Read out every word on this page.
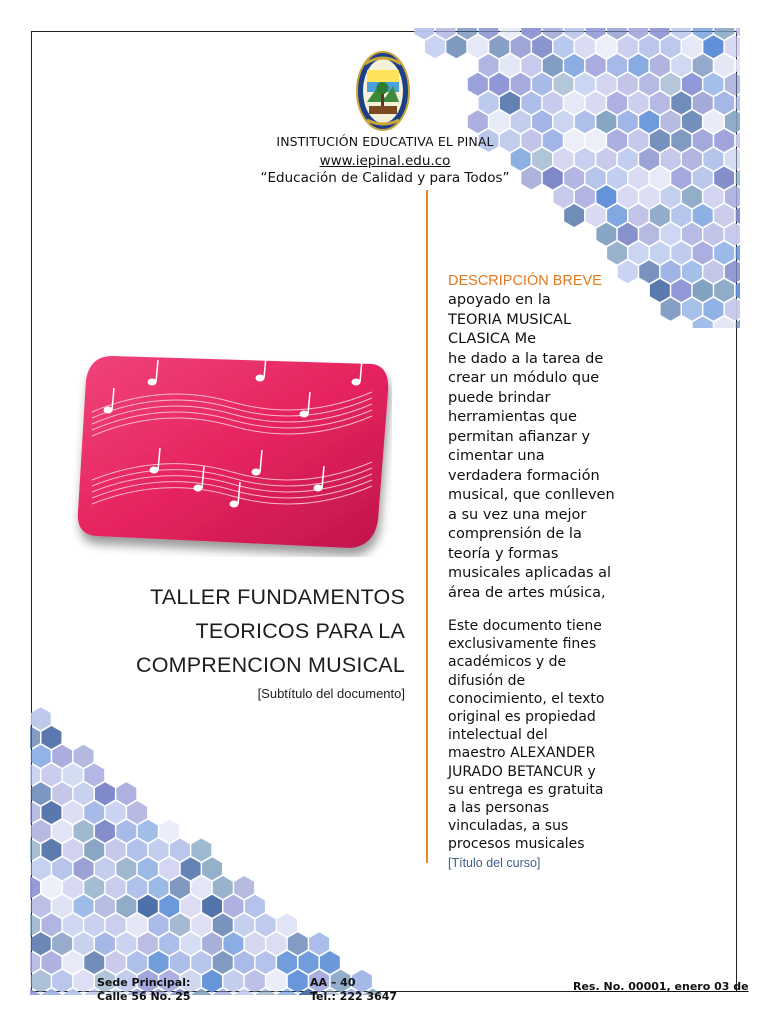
INSTITUCIÓN EDUCATIVA EL PINAL
www.iepinal.edu.co
“Educación de Calidad y para Todos”
DESCRIPCIÓN BREVE
apoyado en la
TEORIA MUSICAL
CLASICA Me
he dado a la tarea de
crear un módulo que
puede brindar
herramientas que
permitan afianzar y
cimentar una
verdadera formación
musical, que conlleven
a su vez una mejor
comprensión de la
teoría y formas
musicales aplicadas al
área de artes música,
Este documento tiene
exclusivamente fines
académicos y de
difusión de
conocimiento, el texto
original es propiedad
intelectual del
maestro ALEXANDER
JURADO BETANCUR y
su entrega es gratuita
a las personas
vinculadas, a sus
procesos musicales
[Título del curso]
TALLER FUNDAMENTOS
TEORICOS PARA LA
COMPRENCION MUSICAL
[Subtítulo del documento]
Sede Principal:
Calle 56 No. 25
AA – 40
Tel.: 222 3647
Res. No. 00001, enero 03 de
